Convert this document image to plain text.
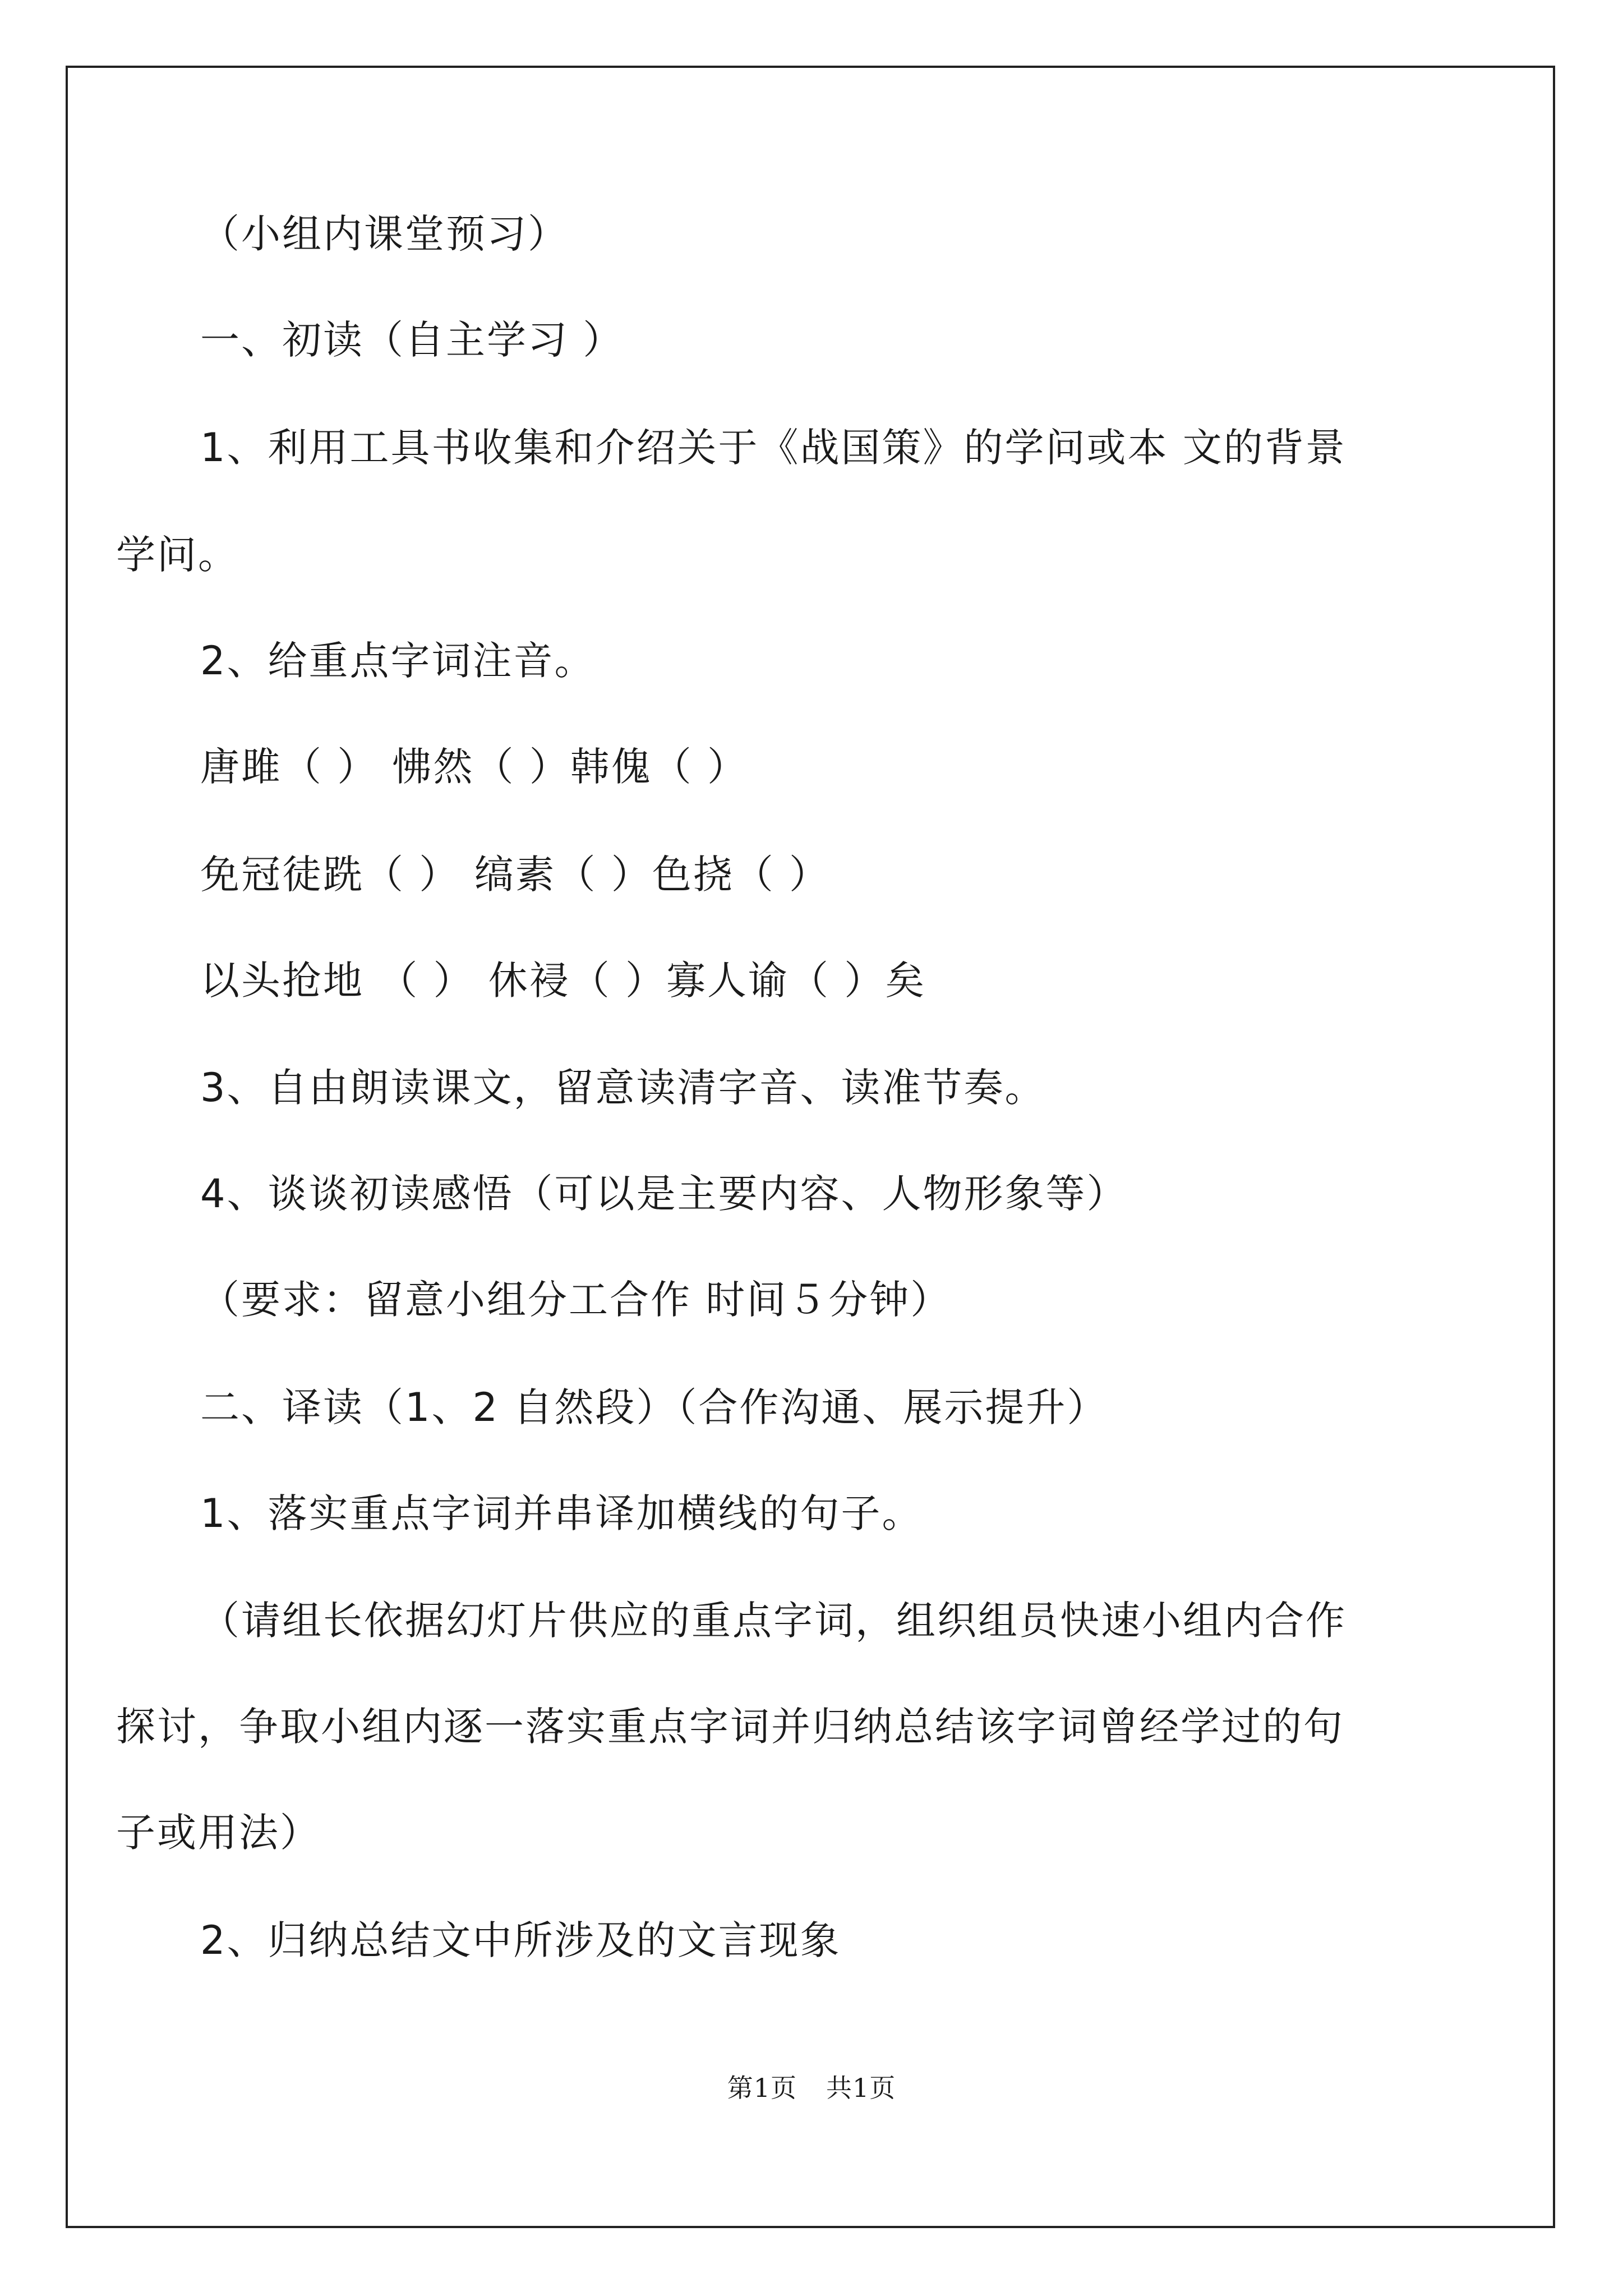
（小组内课堂预习）
一、初读（自主学习 ）
1、利用工具书收集和介绍关于《战国策》的学问或本 文的背景
学问。
2、给重点字词注音。
唐雎（ ） 怫然（ ）韩傀（ ）
免冠徒跣（ ） 缟素（ ）色挠（ ）
以头抢地 （ ） 休祲（ ）寡人谕（ ）矣
3、自由朗读课文，留意读清字音、读准节奏。
4、谈谈初读感悟（可以是主要内容、人物形象等）
（要求：留意小组分工合作 时间５分钟）
二、译读（1、2 自然段）（合作沟通、展示提升）
1、落实重点字词并串译加横线的句子。
（请组长依据幻灯片供应的重点字词，组织组员快速小组内合作
探讨，争取小组内逐一落实重点字词并归纳总结该字词曾经学过的句
子或用法）
2、归纳总结文中所涉及的文言现象
第1页 共1页
